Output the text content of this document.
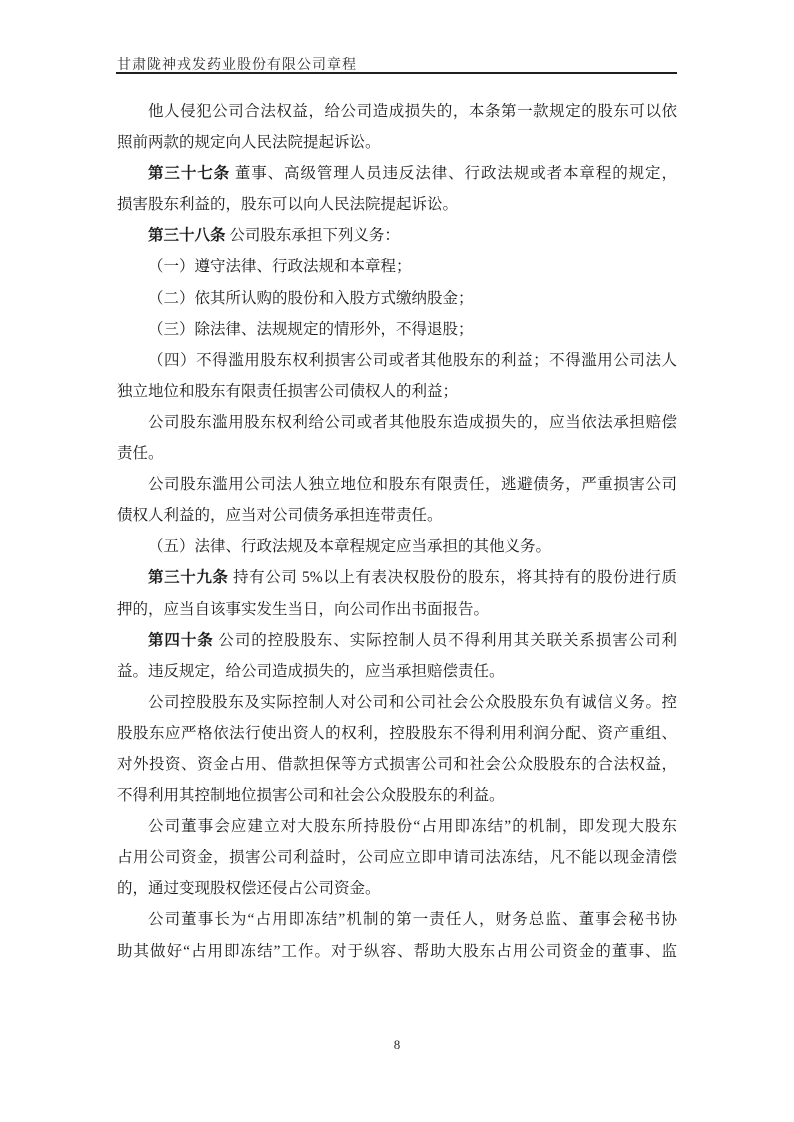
甘肃陇神戎发药业股份有限公司章程
他人侵犯公司合法权益，给公司造成损失的，本条第一款规定的股东可以依
照前两款的规定向人民法院提起诉讼。
第三十七条 董事、高级管理人员违反法律、行政法规或者本章程的规定，
损害股东利益的，股东可以向人民法院提起诉讼。
第三十八条 公司股东承担下列义务：
（一）遵守法律、行政法规和本章程；
（二）依其所认购的股份和入股方式缴纳股金；
（三）除法律、法规规定的情形外，不得退股；
（四）不得滥用股东权利损害公司或者其他股东的利益；不得滥用公司法人
独立地位和股东有限责任损害公司债权人的利益；
公司股东滥用股东权利给公司或者其他股东造成损失的，应当依法承担赔偿
责任。
公司股东滥用公司法人独立地位和股东有限责任，逃避债务，严重损害公司
债权人利益的，应当对公司债务承担连带责任。
（五）法律、行政法规及本章程规定应当承担的其他义务。
第三十九条 持有公司 5%以上有表决权股份的股东，将其持有的股份进行质
押的，应当自该事实发生当日，向公司作出书面报告。
第四十条 公司的控股股东、实际控制人员不得利用其关联关系损害公司利
益。违反规定，给公司造成损失的，应当承担赔偿责任。
公司控股股东及实际控制人对公司和公司社会公众股股东负有诚信义务。控
股股东应严格依法行使出资人的权利，控股股东不得利用利润分配、资产重组、
对外投资、资金占用、借款担保等方式损害公司和社会公众股股东的合法权益，
不得利用其控制地位损害公司和社会公众股股东的利益。
公司董事会应建立对大股东所持股份“占用即冻结”的机制，即发现大股东
占用公司资金，损害公司利益时，公司应立即申请司法冻结，凡不能以现金清偿
的，通过变现股权偿还侵占公司资金。
公司董事长为“占用即冻结”机制的第一责任人，财务总监、董事会秘书协
助其做好“占用即冻结”工作。对于纵容、帮助大股东占用公司资金的董事、监
8
